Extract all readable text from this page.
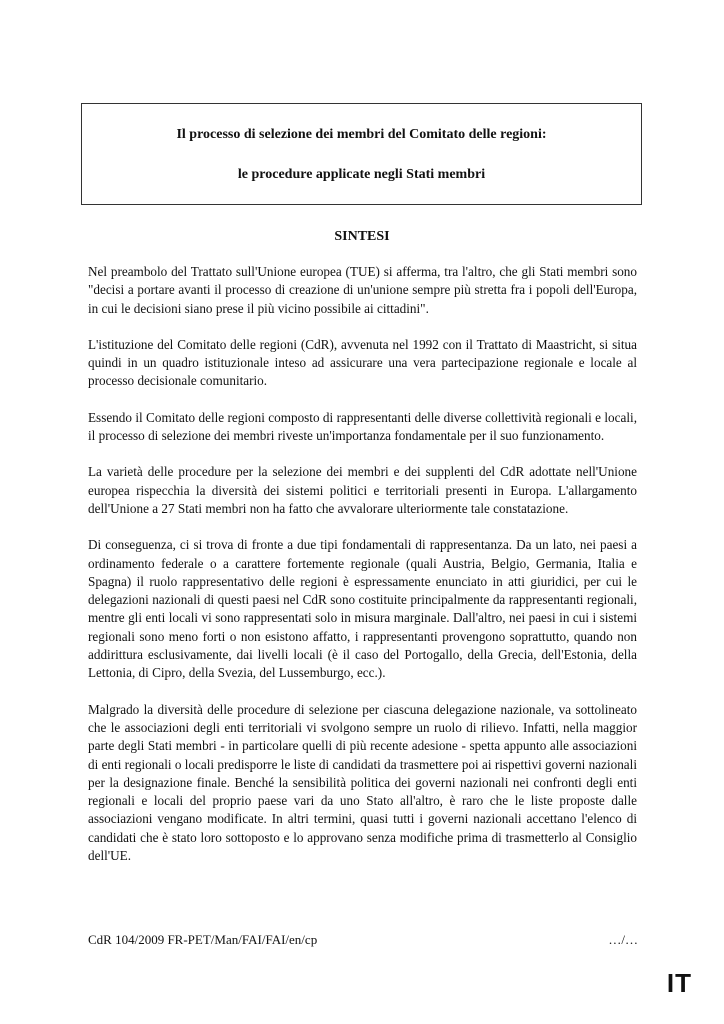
Il processo di selezione dei membri del Comitato delle regioni:
le procedure applicate negli Stati membri
SINTESI

Nel preambolo del Trattato sull'Unione europea (TUE) si afferma, tra l'altro, che gli Stati membri sono "decisi a portare avanti il processo di creazione di un'unione sempre più stretta fra i popoli dell'Europa, in cui le decisioni siano prese il più vicino possibile ai cittadini".

L'istituzione del Comitato delle regioni (CdR), avvenuta nel 1992 con il Trattato di Maastricht, si situa quindi in un quadro istituzionale inteso ad assicurare una vera partecipazione regionale e locale al processo decisionale comunitario.

Essendo il Comitato delle regioni composto di rappresentanti delle diverse collettività regionali e locali, il processo di selezione dei membri riveste un'importanza fondamentale per il suo funzionamento.

La varietà delle procedure per la selezione dei membri e dei supplenti del CdR adottate nell'Unione europea rispecchia la diversità dei sistemi politici e territoriali presenti in Europa. L'allargamento dell'Unione a 27 Stati membri non ha fatto che avvalorare ulteriormente tale constatazione.

Di conseguenza, ci si trova di fronte a due tipi fondamentali di rappresentanza. Da un lato, nei paesi a ordinamento federale o a carattere fortemente regionale (quali Austria, Belgio, Germania, Italia e Spagna) il ruolo rappresentativo delle regioni è espressamente enunciato in atti giuridici, per cui le delegazioni nazionali di questi paesi nel CdR sono costituite principalmente da rappresentanti regionali, mentre gli enti locali vi sono rappresentati solo in misura marginale. Dall'altro, nei paesi in cui i sistemi regionali sono meno forti o non esistono affatto, i rappresentanti provengono soprattutto, quando non addirittura esclusivamente, dai livelli locali (è il caso del Portogallo, della Grecia, dell'Estonia, della Lettonia, di Cipro, della Svezia, del Lussemburgo, ecc.).

Malgrado la diversità delle procedure di selezione per ciascuna delegazione nazionale, va sottolineato che le associazioni degli enti territoriali vi svolgono sempre un ruolo di rilievo. Infatti, nella maggior parte degli Stati membri - in particolare quelli di più recente adesione - spetta appunto alle associazioni di enti regionali o locali predisporre le liste di candidati da trasmettere poi ai rispettivi governi nazionali per la designazione finale. Benché la sensibilità politica dei governi nazionali nei confronti degli enti regionali e locali del proprio paese vari da uno Stato all'altro, è raro che le liste proposte dalle associazioni vengano modificate. In altri termini, quasi tutti i governi nazionali accettano l'elenco di candidati che è stato loro sottoposto e lo approvano senza modifiche prima di trasmetterlo al Consiglio dell'UE.

CdR 104/2009 FR-PET/Man/FAI/FAI/en/cp	…/…
IT
